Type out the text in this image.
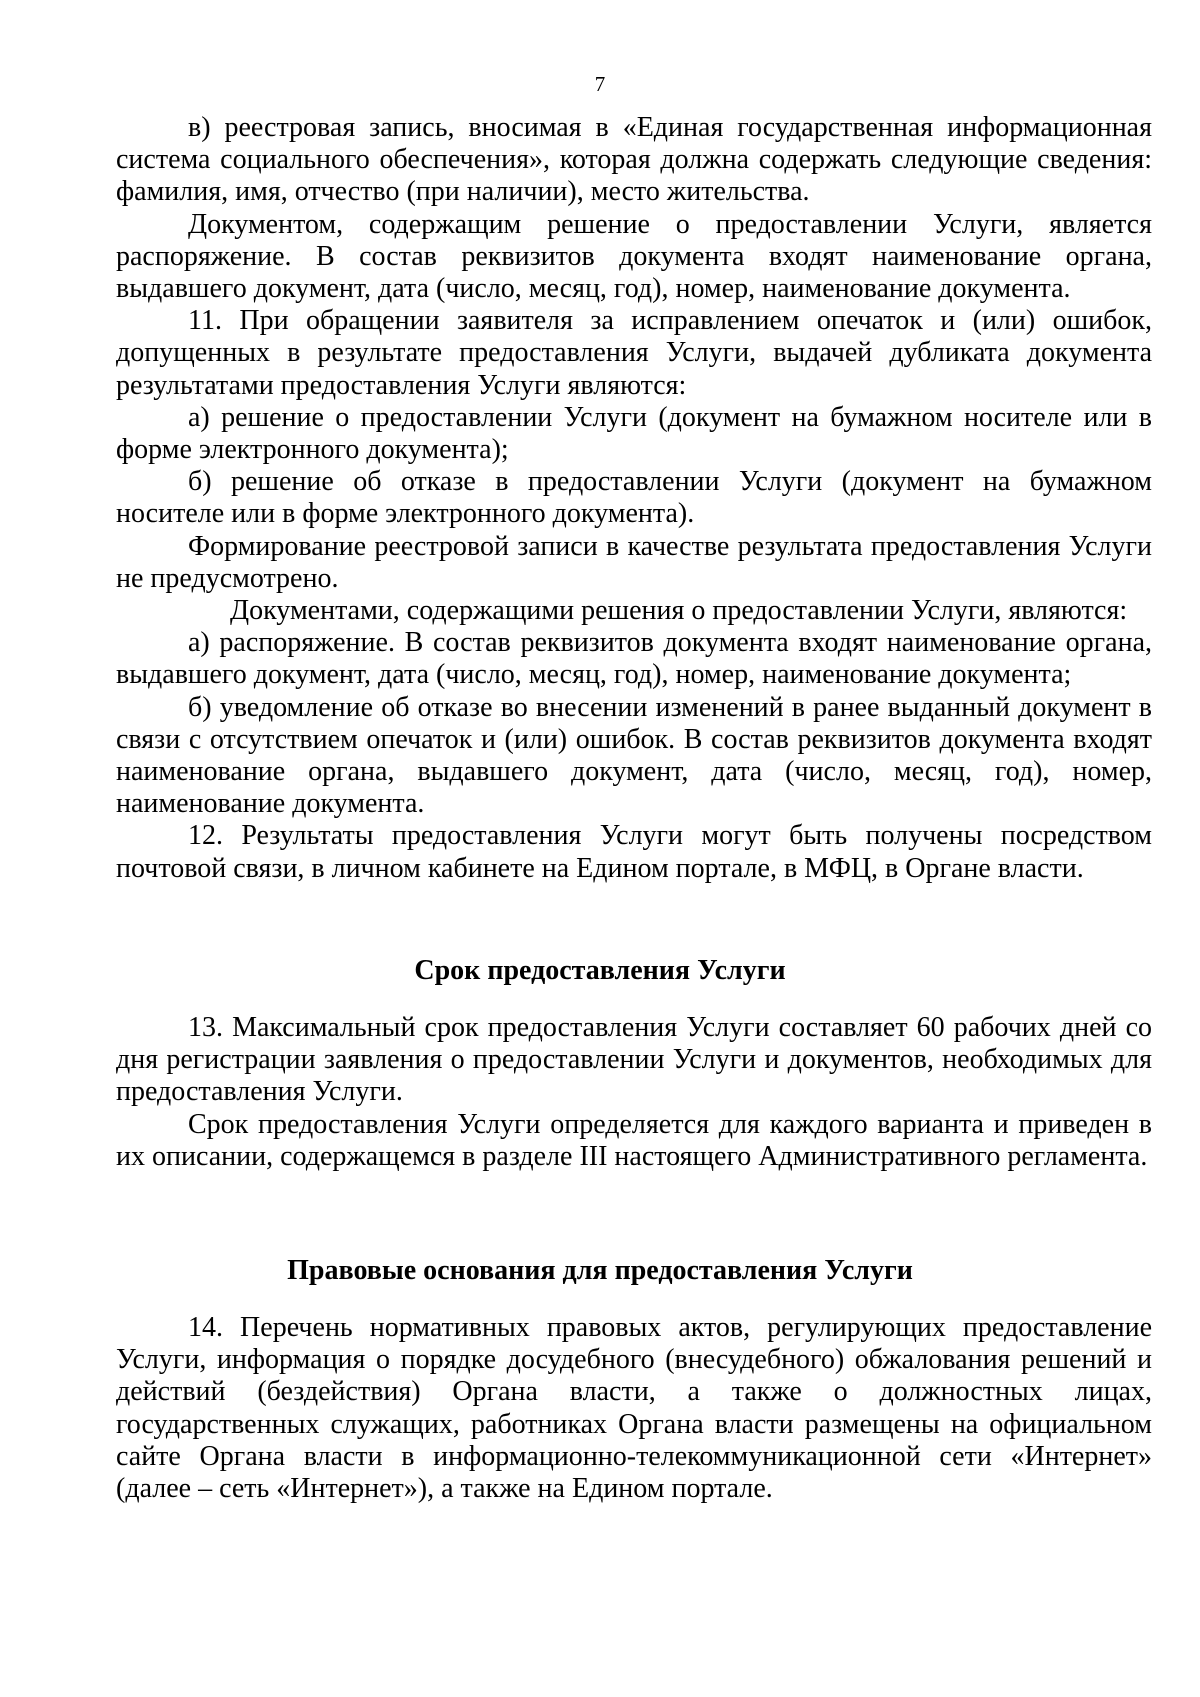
7

в) реестровая запись, вносимая в «Единая государственная информационная система социального обеспечения», которая должна содержать следующие сведения: фамилия, имя, отчество (при наличии), место жительства.

Документом, содержащим решение о предоставлении Услуги, является распоряжение. В состав реквизитов документа входят наименование органа, выдавшего документ, дата (число, месяц, год), номер, наименование документа.

11. При обращении заявителя за исправлением опечаток и (или) ошибок, допущенных в результате предоставления Услуги, выдачей дубликата документа результатами предоставления Услуги являются:

а) решение о предоставлении Услуги (документ на бумажном носителе или в форме электронного документа);

б) решение об отказе в предоставлении Услуги (документ на бумажном носителе или в форме электронного документа).

Формирование реестровой записи в качестве результата предоставления Услуги не предусмотрено.

Документами, содержащими решения о предоставлении Услуги, являются:

а) распоряжение. В состав реквизитов документа входят наименование органа, выдавшего документ, дата (число, месяц, год), номер, наименование документа;

б) уведомление об отказе во внесении изменений в ранее выданный документ в связи с отсутствием опечаток и (или) ошибок. В состав реквизитов документа входят наименование органа, выдавшего документ, дата (число, месяц, год), номер, наименование документа.

12. Результаты предоставления Услуги могут быть получены посредством почтовой связи, в личном кабинете на Едином портале, в МФЦ, в Органе власти.

Срок предоставления Услуги

13. Максимальный срок предоставления Услуги составляет 60 рабочих дней со дня регистрации заявления о предоставлении Услуги и документов, необходимых для предоставления Услуги.

Срок предоставления Услуги определяется для каждого варианта и приведен в их описании, содержащемся в разделе III настоящего Административного регламента.

Правовые основания для предоставления Услуги

14. Перечень нормативных правовых актов, регулирующих предоставление Услуги, информация о порядке досудебного (внесудебного) обжалования решений и действий (бездействия) Органа власти, а также о должностных лицах, государственных служащих, работниках Органа власти размещены на официальном сайте Органа власти в информационно-телекоммуникационной сети «Интернет» (далее – сеть «Интернет»), а также на Едином портале.
